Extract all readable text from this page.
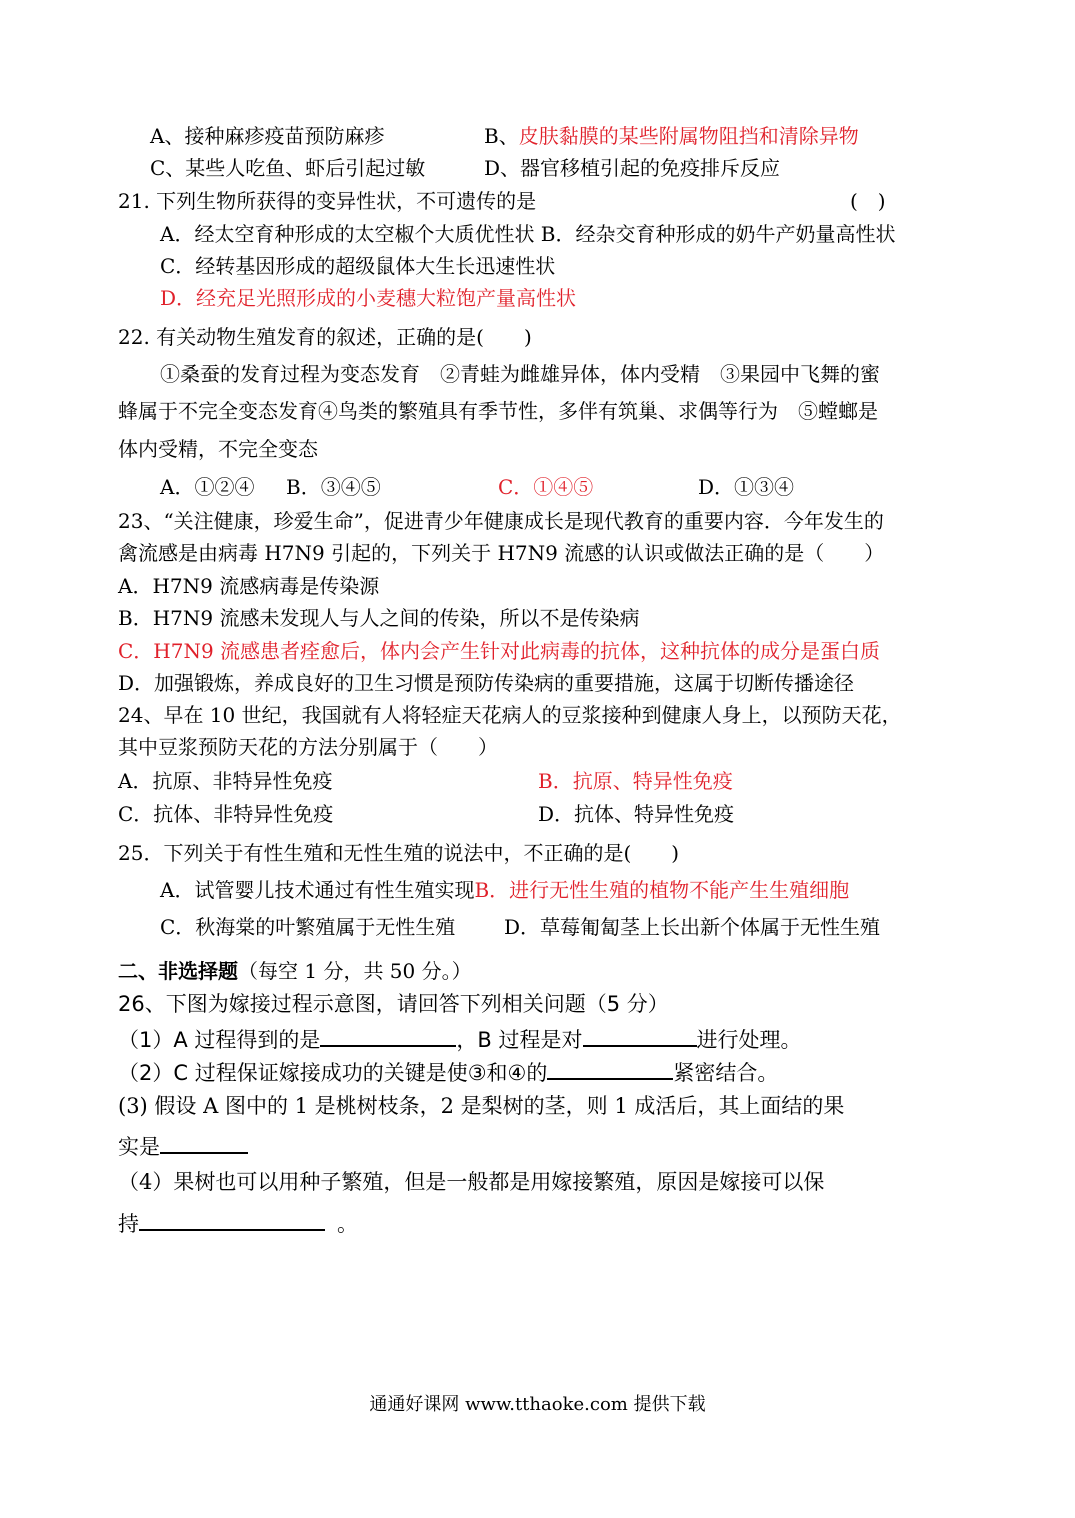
A、接种麻疹疫苗预防麻疹	B、皮肤黏膜的某些附属物阻挡和清除异物
C、某些人吃鱼、虾后引起过敏	D、器官移植引起的免疫排斥反应
21. 下列生物所获得的变异性状，不可遗传的是	(　)
A．经太空育种形成的太空椒个大质优性状 B．经杂交育种形成的奶牛产奶量高性状
C．经转基因形成的超级鼠体大生长迅速性状
D．经充足光照形成的小麦穗大粒饱产量高性状
22. 有关动物生殖发育的叙述，正确的是(　　)
①桑蚕的发育过程为变态发育　②青蛙为雌雄异体，体内受精　③果园中飞舞的蜜
蜂属于不完全变态发育④鸟类的繁殖具有季节性，多伴有筑巢、求偶等行为　⑤螳螂是
体内受精，不完全变态
A．①②④ B．③④⑤	C．①④⑤	D．①③④
23、“关注健康，珍爱生命”，促进青少年健康成长是现代教育的重要内容．今年发生的
禽流感是由病毒 H7N9 引起的，下列关于 H7N9 流感的认识或做法正确的是（　　）
A．H7N9 流感病毒是传染源
B．H7N9 流感未发现人与人之间的传染，所以不是传染病
C．H7N9 流感患者痊愈后，体内会产生针对此病毒的抗体，这种抗体的成分是蛋白质
D．加强锻炼，养成良好的卫生习惯是预防传染病的重要措施，这属于切断传播途径
24、早在 10 世纪，我国就有人将轻症天花病人的豆浆接种到健康人身上，以预防天花，
其中豆浆预防天花的方法分别属于（　　）
A．抗原、非特异性免疫	B．抗原、特异性免疫
C．抗体、非特异性免疫	D．抗体、特异性免疫
25．下列关于有性生殖和无性生殖的说法中，不正确的是(　　)
A．试管婴儿技术通过有性生殖实现B．进行无性生殖的植物不能产生生殖细胞
C．秋海棠的叶繁殖属于无性生殖 D．草莓匍匐茎上长出新个体属于无性生殖
二、非选择题（每空 1 分，共 50 分。）
26、下图为嫁接过程示意图，请回答下列相关问题（5 分）
（1）A 过程得到的是	，B 过程是对	进行处理。
（2）C 过程保证嫁接成功的关键是使③和④的	紧密结合。
(3) 假设 A 图中的 1 是桃树枝条，2 是梨树的茎，则 1 成活后，其上面结的果
实是
（4）果树也可以用种子繁殖，但是一般都是用嫁接繁殖，原因是嫁接可以保
持	。
通通好课网 www.tthaoke.com 提供下载
